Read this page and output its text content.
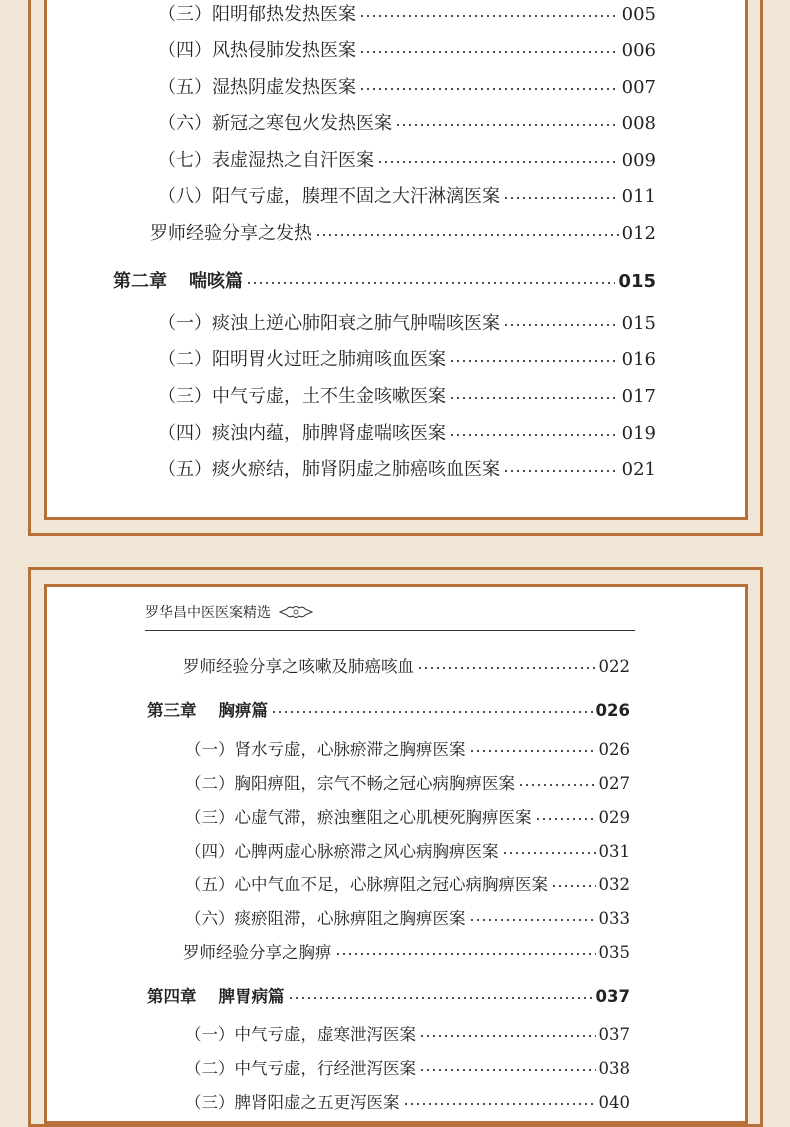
罗华昌中医医案精选
（三）阳明郁热发热医案	005
（四）风热侵肺发热医案	006
（五）湿热阴虚发热医案	007
（六）新冠之寒包火发热医案	008
（七）表虚湿热之自汗医案	009
（八）阳气亏虚，腠理不固之大汗淋漓医案	011
罗师经验分享之发热	012
第二章 喘咳篇	015
（一）痰浊上逆心肺阳衰之肺气肿喘咳医案	015
（二）阳明胃火过旺之肺痈咳血医案	016
（三）中气亏虚，土不生金咳嗽医案	017
（四）痰浊内蕴，肺脾肾虚喘咳医案	019
（五）痰火瘀结，肺肾阴虚之肺癌咳血医案	021
罗师经验分享之咳嗽及肺癌咳血	022
第三章 胸痹篇	026
（一）肾水亏虚，心脉瘀滞之胸痹医案	026
（二）胸阳痹阻，宗气不畅之冠心病胸痹医案	027
（三）心虚气滞，瘀浊壅阻之心肌梗死胸痹医案	029
（四）心脾两虚心脉瘀滞之风心病胸痹医案	031
（五）心中气血不足，心脉痹阻之冠心病胸痹医案	032
（六）痰瘀阻滞，心脉痹阻之胸痹医案	033
罗师经验分享之胸痹	035
第四章 脾胃病篇	037
（一）中气亏虚，虚寒泄泻医案	037
（二）中气亏虚，行经泄泻医案	038
（三）脾肾阳虚之五更泻医案	040
